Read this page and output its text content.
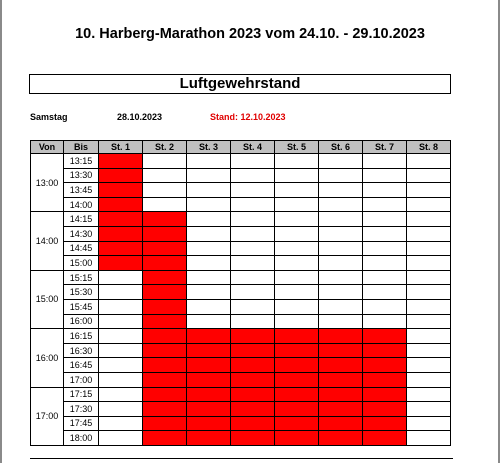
10. Harberg-Marathon 2023 vom 24.10. - 29.10.2023
Luftgewehrstand
Samstag	28.10.2023	Stand: 12.10.2023
Von	Bis	St. 1	St. 2	St. 3	St. 4	St. 5	St. 6	St. 7	St. 8
13:00	13:15								
	13:30								
	13:45								
	14:00								
14:00	14:15								
	14:30								
	14:45								
	15:00								
15:00	15:15								
	15:30								
	15:45								
	16:00								
16:00	16:15								
	16:30								
	16:45								
	17:00								
17:00	17:15								
	17:30								
	17:45								
	18:00								
